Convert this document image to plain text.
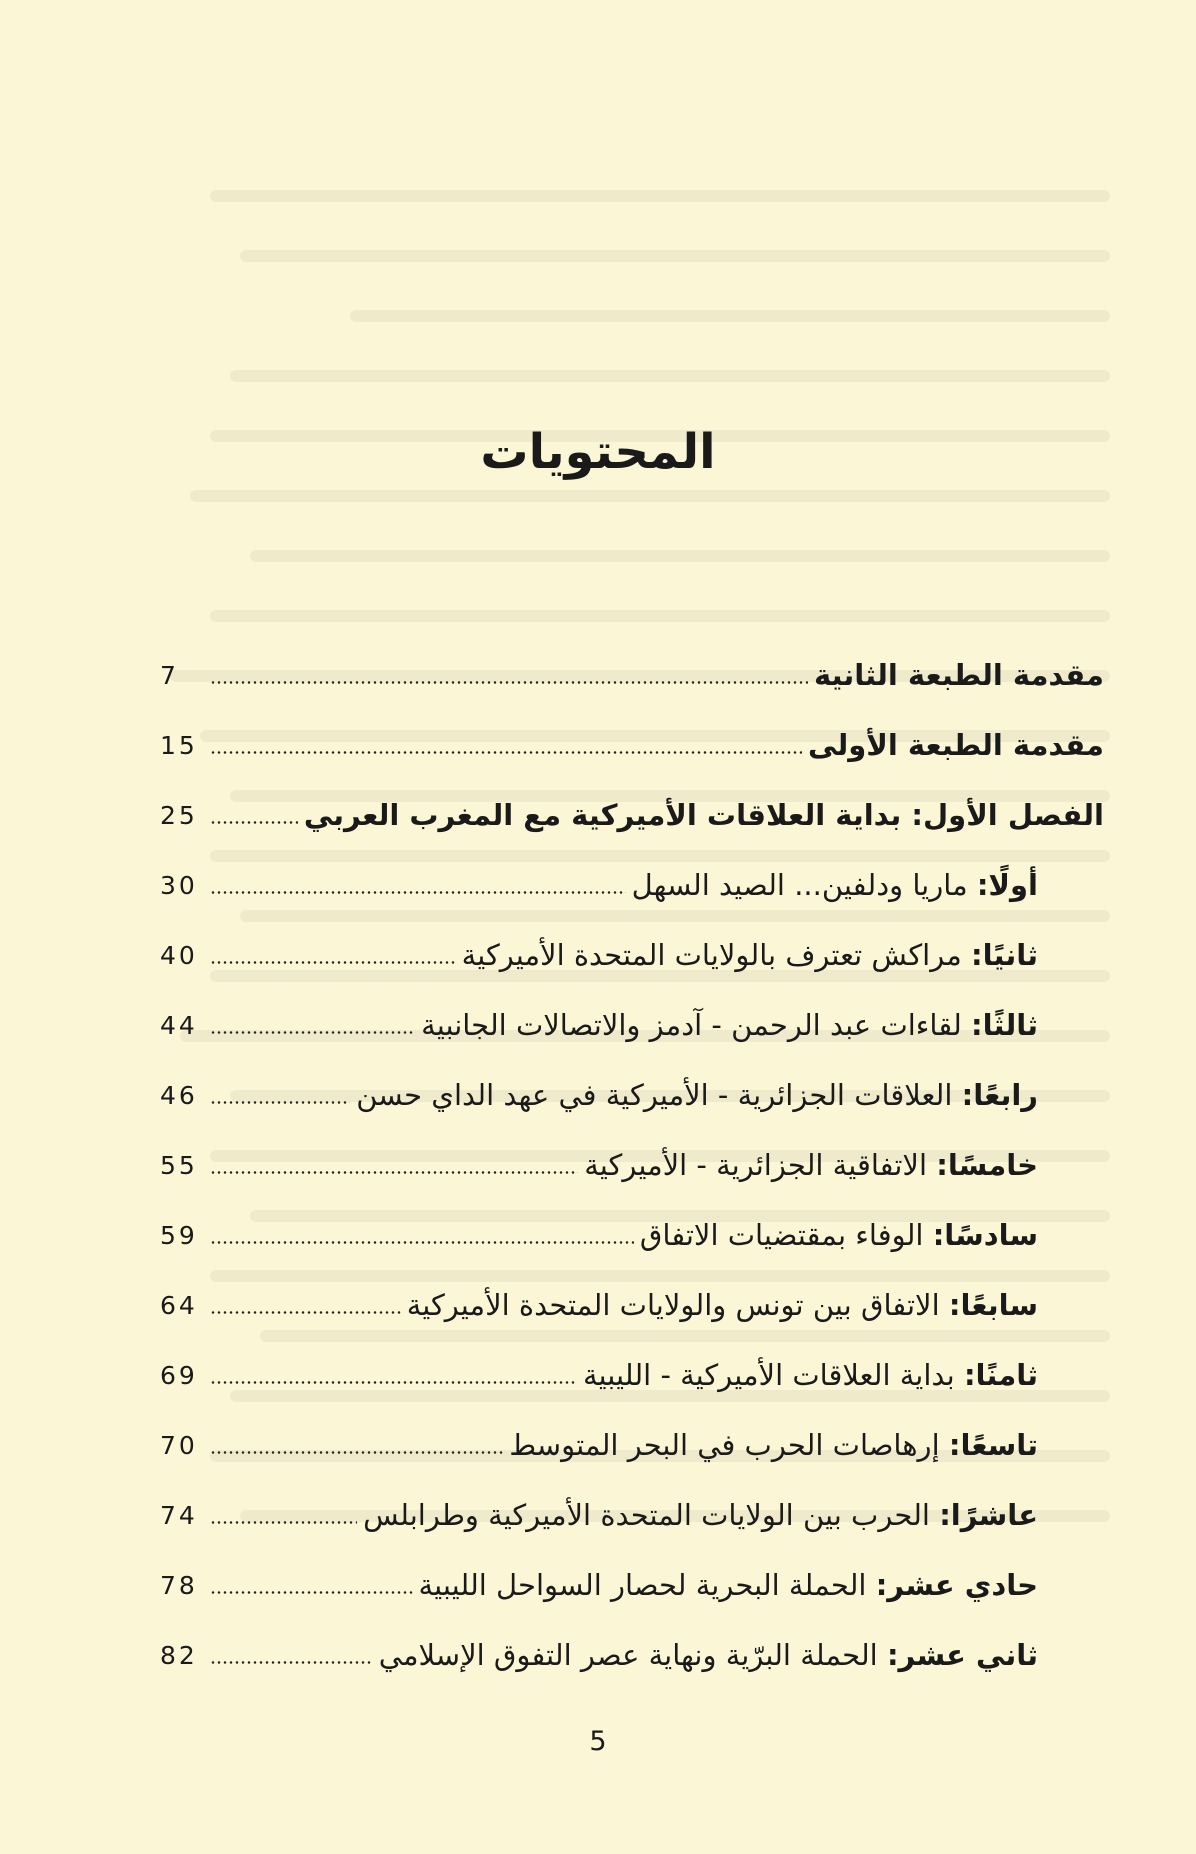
المحتويات
7	مقدمة الطبعة الثانية
15	مقدمة الطبعة الأولى
25	الفصل الأول: بداية العلاقات الأميركية مع المغرب العربي
30	أولًا: ماريا ودلفين... الصيد السهل
40	ثانيًا: مراكش تعترف بالولايات المتحدة الأميركية
44	ثالثًا: لقاءات عبد الرحمن - آدمز والاتصالات الجانبية
46	رابعًا: العلاقات الجزائرية - الأميركية في عهد الداي حسن
55	خامسًا: الاتفاقية الجزائرية - الأميركية
59	سادسًا: الوفاء بمقتضيات الاتفاق
64	سابعًا: الاتفاق بين تونس والولايات المتحدة الأميركية
69	ثامنًا: بداية العلاقات الأميركية - الليبية
70	تاسعًا: إرهاصات الحرب في البحر المتوسط
74	عاشرًا: الحرب بين الولايات المتحدة الأميركية وطرابلس
78	حادي عشر: الحملة البحرية لحصار السواحل الليبية
82	ثاني عشر: الحملة البرّية ونهاية عصر التفوق الإسلامي
5
